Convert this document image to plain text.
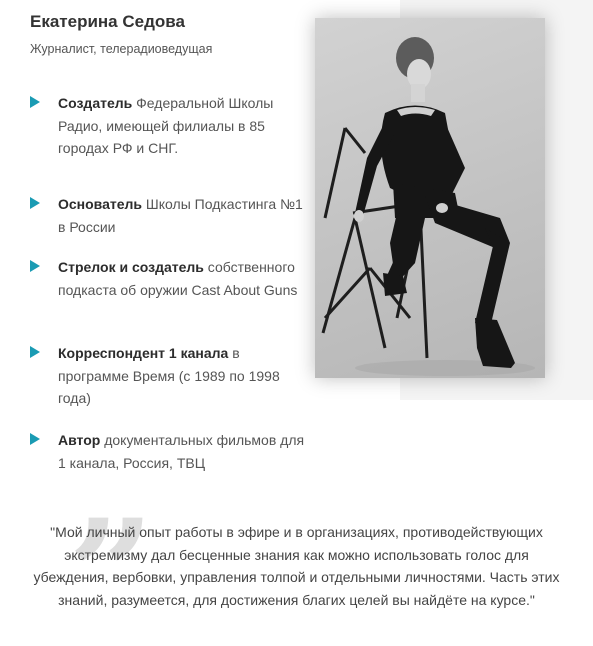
Екатерина Седова
Журналист, телерадиоведущая
Создатель Федеральной Школы Радио, имеющей филиалы в 85 городах РФ и СНГ.
Основатель Школы Подкастинга №1 в России
Стрелок и создатель собственного подкаста об оружии Cast About Guns
Корреспондент 1 канала в программе Время (с 1989 по 1998 года)
Автор документальных фильмов для 1 канала, Россия, ТВЦ
”

"Мой личный опыт работы в эфире и в организациях, противодействующих экстремизму дал бесценные знания как можно использовать голос для убеждения, вербовки, управления толпой и отдельными личностями. Часть этих знаний, разумеется, для достижения благих целей вы найдёте на курсе."
